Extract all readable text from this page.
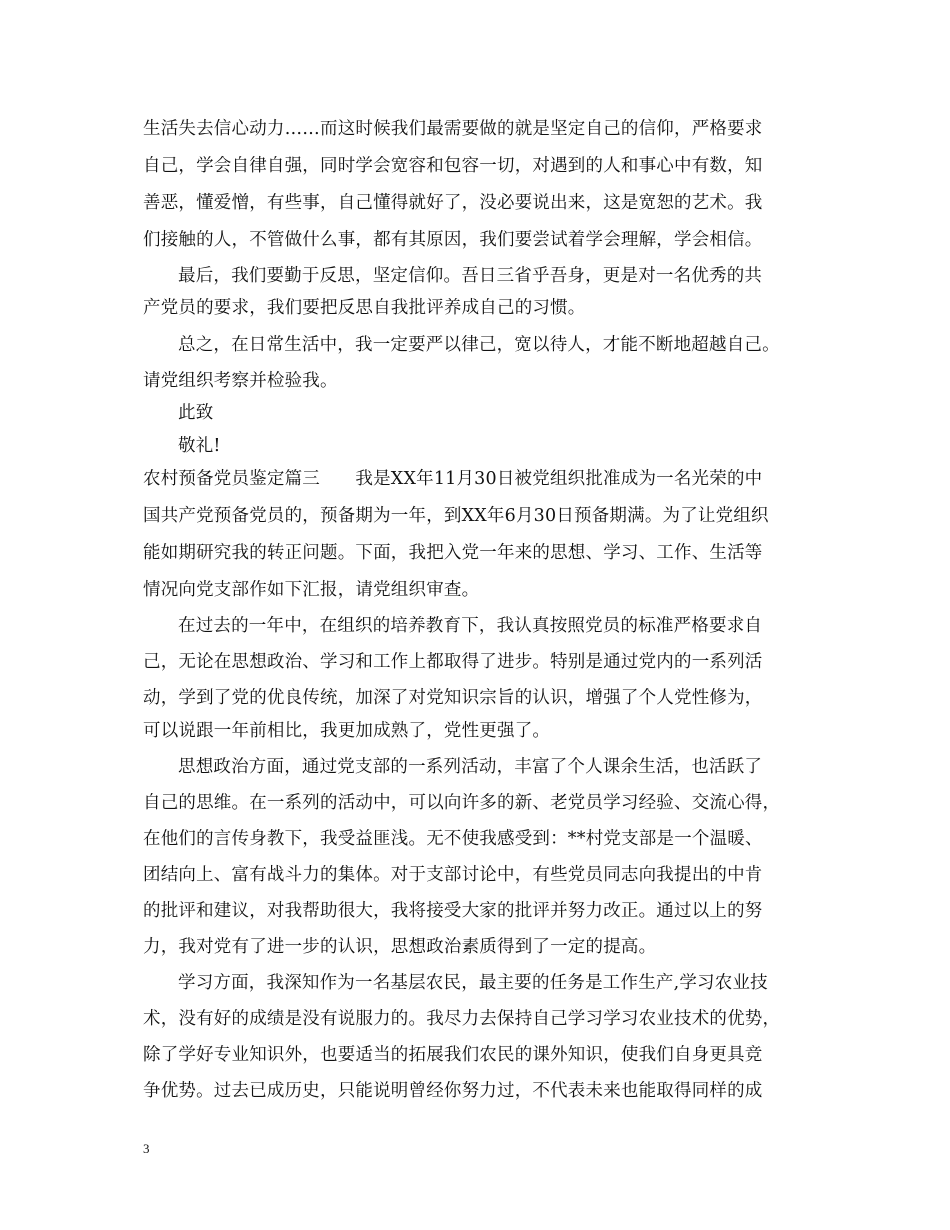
生活失去信心动力……而这时候我们最需要做的就是坚定自己的信仰，严格要求
自己，学会自律自强，同时学会宽容和包容一切，对遇到的人和事心中有数，知
善恶，懂爱憎，有些事，自己懂得就好了，没必要说出来，这是宽恕的艺术。我
们接触的人，不管做什么事，都有其原因，我们要尝试着学会理解，学会相信。
最后，我们要勤于反思，坚定信仰。吾日三省乎吾身，更是对一名优秀的共
产党员的要求，我们要把反思自我批评养成自己的习惯。
总之，在日常生活中，我一定要严以律己，宽以待人，才能不断地超越自己。
请党组织考察并检验我。
此致
敬礼!
农村预备党员鉴定篇三　　我是XX年11月30日被党组织批准成为一名光荣的中
国共产党预备党员的，预备期为一年，到XX年6月30日预备期满。为了让党组织
能如期研究我的转正问题。下面，我把入党一年来的思想、学习、工作、生活等
情况向党支部作如下汇报，请党组织审查。
在过去的一年中，在组织的培养教育下，我认真按照党员的标准严格要求自
己，无论在思想政治、学习和工作上都取得了进步。特别是通过党内的一系列活
动，学到了党的优良传统，加深了对党知识宗旨的认识，增强了个人党性修为，
可以说跟一年前相比，我更加成熟了，党性更强了。
思想政治方面，通过党支部的一系列活动，丰富了个人课余生活，也活跃了
自己的思维。在一系列的活动中，可以向许多的新、老党员学习经验、交流心得，
在他们的言传身教下，我受益匪浅。无不使我感受到：**村党支部是一个温暖、
团结向上、富有战斗力的集体。对于支部讨论中，有些党员同志向我提出的中肯
的批评和建议，对我帮助很大，我将接受大家的批评并努力改正。通过以上的努
力，我对党有了进一步的认识，思想政治素质得到了一定的提高。
学习方面，我深知作为一名基层农民，最主要的任务是工作生产,学习农业技
术，没有好的成绩是没有说服力的。我尽力去保持自己学习学习农业技术的优势，
除了学好专业知识外，也要适当的拓展我们农民的课外知识，使我们自身更具竞
争优势。过去已成历史，只能说明曾经你努力过，不代表未来也能取得同样的成
3
